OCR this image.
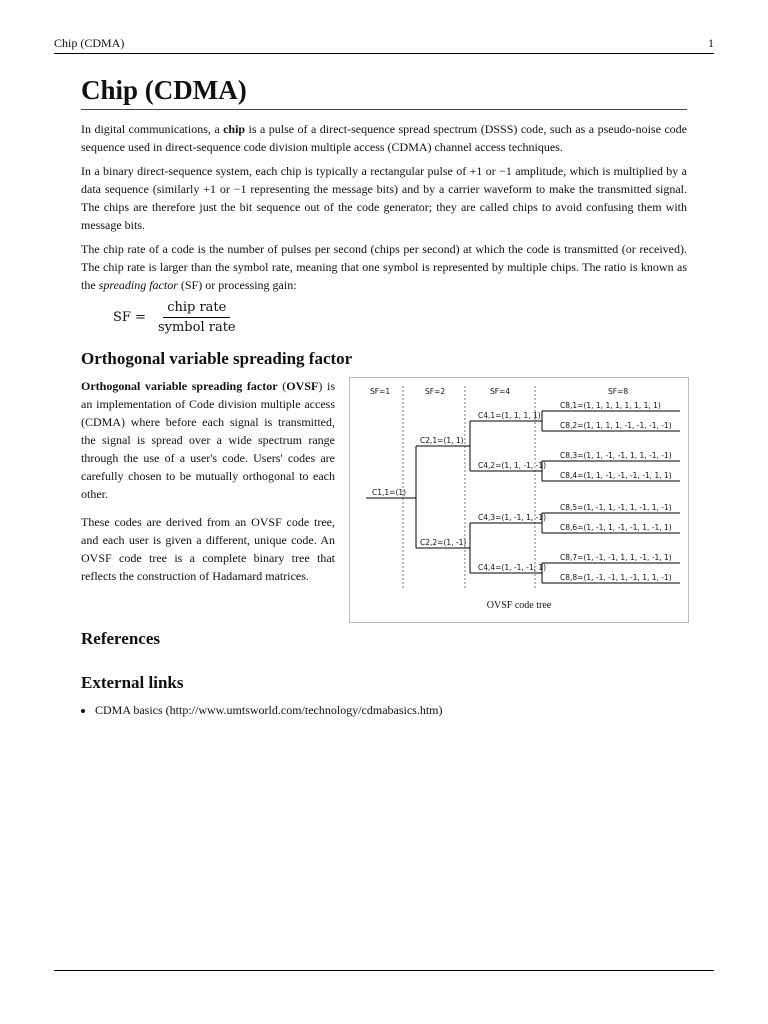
Chip (CDMA)	1
Chip (CDMA)

In digital communications, a chip is a pulse of a direct-sequence spread spectrum (DSSS) code, such as a pseudo-noise code sequence used in direct-sequence code division multiple access (CDMA) channel access techniques.

In a binary direct-sequence system, each chip is typically a rectangular pulse of +1 or −1 amplitude, which is multiplied by a data sequence (similarly +1 or −1 representing the message bits) and by a carrier waveform to make the transmitted signal. The chips are therefore just the bit sequence out of the code generator; they are called chips to avoid confusing them with message bits.

The chip rate of a code is the number of pulses per second (chips per second) at which the code is transmitted (or received). The chip rate is larger than the symbol rate, meaning that one symbol is represented by multiple chips. The ratio is known as the spreading factor (SF) or processing gain:

SF = $\frac{\text{chip rate}}{\text{symbol rate}}$
Orthogonal variable spreading factor

Orthogonal variable spreading factor (OVSF) is an implementation of Code division multiple access (CDMA) where before each signal is transmitted, the signal is spread over a wide spectrum range through the use of a user's code. Users' codes are carefully chosen to be mutually orthogonal to each other.

These codes are derived from an OVSF code tree, and each user is given a different, unique code. An OVSF code tree is a complete binary tree that reflects the construction of Hadamard matrices.

SF=1	SF=2	SF=4	SF=8
C1,1=(1)
C2,1=(1, 1)
C2,2=(1, -1)
C4,1=(1, 1, 1, 1)
C4,2=(1, 1, -1, -1)
C4,3=(1, -1, 1, -1)
C4,4=(1, -1, -1, 1)
C8,1=(1, 1, 1, 1, 1, 1, 1, 1)
C8,2=(1, 1, 1, 1, -1, -1, -1, -1)
C8,3=(1, 1, -1, -1, 1, 1, -1, -1)
C8,4=(1, 1, -1, -1, -1, -1, 1, 1)
C8,5=(1, -1, 1, -1, 1, -1, 1, -1)
C8,6=(1, -1, 1, -1, -1, 1, -1, 1)
C8,7=(1, -1, -1, 1, 1, -1, -1, 1)
C8,8=(1, -1, -1, 1, -1, 1, 1, -1)
OVSF code tree
References
External links
• CDMA basics (http://www.umtsworld.com/technology/cdmabasics.htm)
